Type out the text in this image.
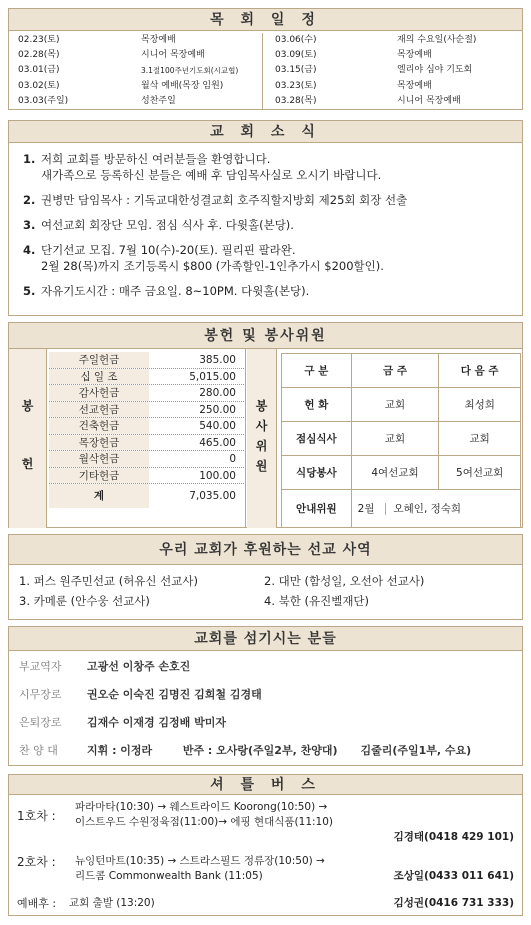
목 회 일 정
02.23(토)	목장예배
02.28(목)	시니어 목장예배
03.01(금)	3.1절100주년기도회(시교협)
03.02(토)	월삭 예배(목장 임원)
03.03(주일)	성찬주일
03.06(수)	재의 수요일(사순절)
03.09(토)	목장예배
03.15(금)	엘리야 심야 기도회
03.23(토)	목장예배
03.28(목)	시니어 목장예배
교 회 소 식
1. 저희 교회를 방문하신 여러분들을 환영합니다.
새가족으로 등록하신 분들은 예배 후 담임목사실로 오시기 바랍니다.
2. 권병만 담임목사 : 기독교대한성결교회 호주직할지방회 제25회 회장 선출
3. 여선교회 회장단 모임. 점심 식사 후. 다윗홀(본당).
4. 단기선교 모집. 7월 10(수)-20(토). 필리핀 팔라완.
2월 28(목)까지 조기등록시 $800 (가족할인-1인추가시 $200할인).
5. 자유기도시간 : 매주 금요일. 8~10PM. 다윗홀(본당).
봉헌 및 봉사위원
봉
헌
주일헌금	385.00
십 일 조	5,015.00
감사헌금	280.00
선교헌금	250.00
건축헌금	540.00
목장헌금	465.00
월삭헌금	0
기타헌금	100.00
계	7,035.00
봉
사
위
원
구 분	금 주	다 음 주
헌 화	교회	최성희
점심식사	교회	교회
식당봉사	4여선교회	5여선교회
안내위원	2월 오혜인, 정숙희	
우리 교회가 후원하는 선교 사역
1. 퍼스 원주민선교 (허유신 선교사)	2. 대만 (함성일, 오선아 선교사)
3. 카메룬 (안수웅 선교사)	4. 북한 (유진벨재단)
교회를 섬기시는 분들
부교역자 고광선 이창주 손호진
시무장로 권오순 이숙진 김명진 김희철 김경태
은퇴장로 김재수 이재경 김정배 박미자
찬 양 대	지휘 : 이정라        반주 : 오사랑(주일2부, 찬양대)      김줄리(주일1부, 수요)
셔 틀 버 스
1호차 :
파라마타(10:30) → 웨스트라이드 Koorong(10:50) →
이스트우드 수원정육점(11:00)→ 에핑 현대식품(11:10)
김경태(0418 429 101)
2호차 : 뉴잉턴마트(10:35) → 스트라스필드 정류장(10:50) →
리드콤 Commonwealth Bank (11:05)	조상일(0433 011 641)
예배후 : 교회 출발 (13:20)	김성권(0416 731 333)
